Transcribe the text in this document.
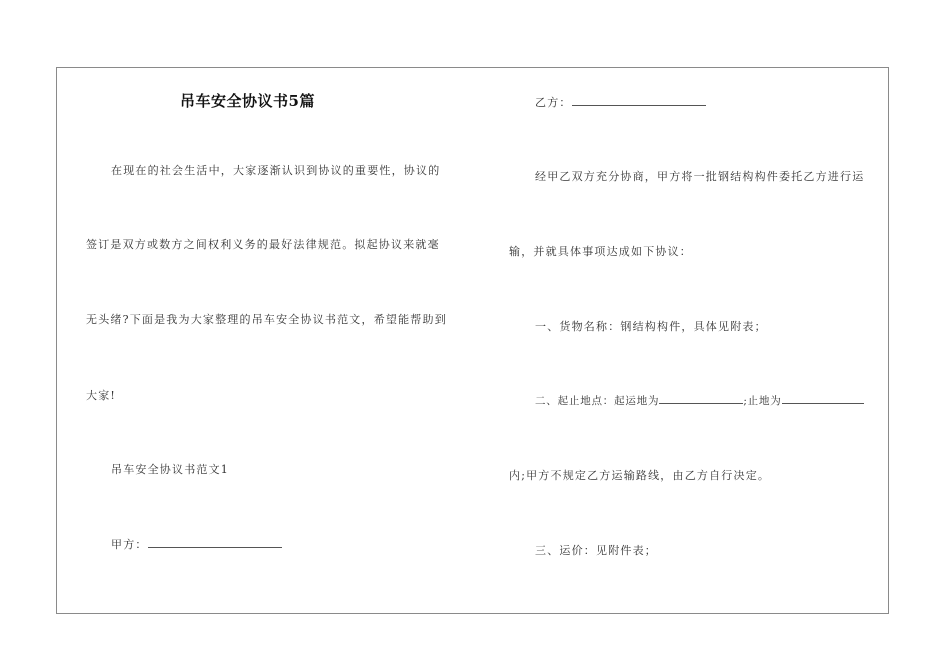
吊车安全协议书5篇
在现在的社会生活中，大家逐渐认识到协议的重要性，协议的
签订是双方或数方之间权利义务的最好法律规范。拟起协议来就毫
无头绪?下面是我为大家整理的吊车安全协议书范文，希望能帮助到
大家!
吊车安全协议书范文1
甲方：
乙方：
经甲乙双方充分协商，甲方将一批钢结构构件委托乙方进行运
输，并就具体事项达成如下协议：
一、货物名称：钢结构构件，具体见附表；
二、起止地点：起运地为	;止地为
内;甲方不规定乙方运输路线，由乙方自行决定。
三、运价：见附件表；
